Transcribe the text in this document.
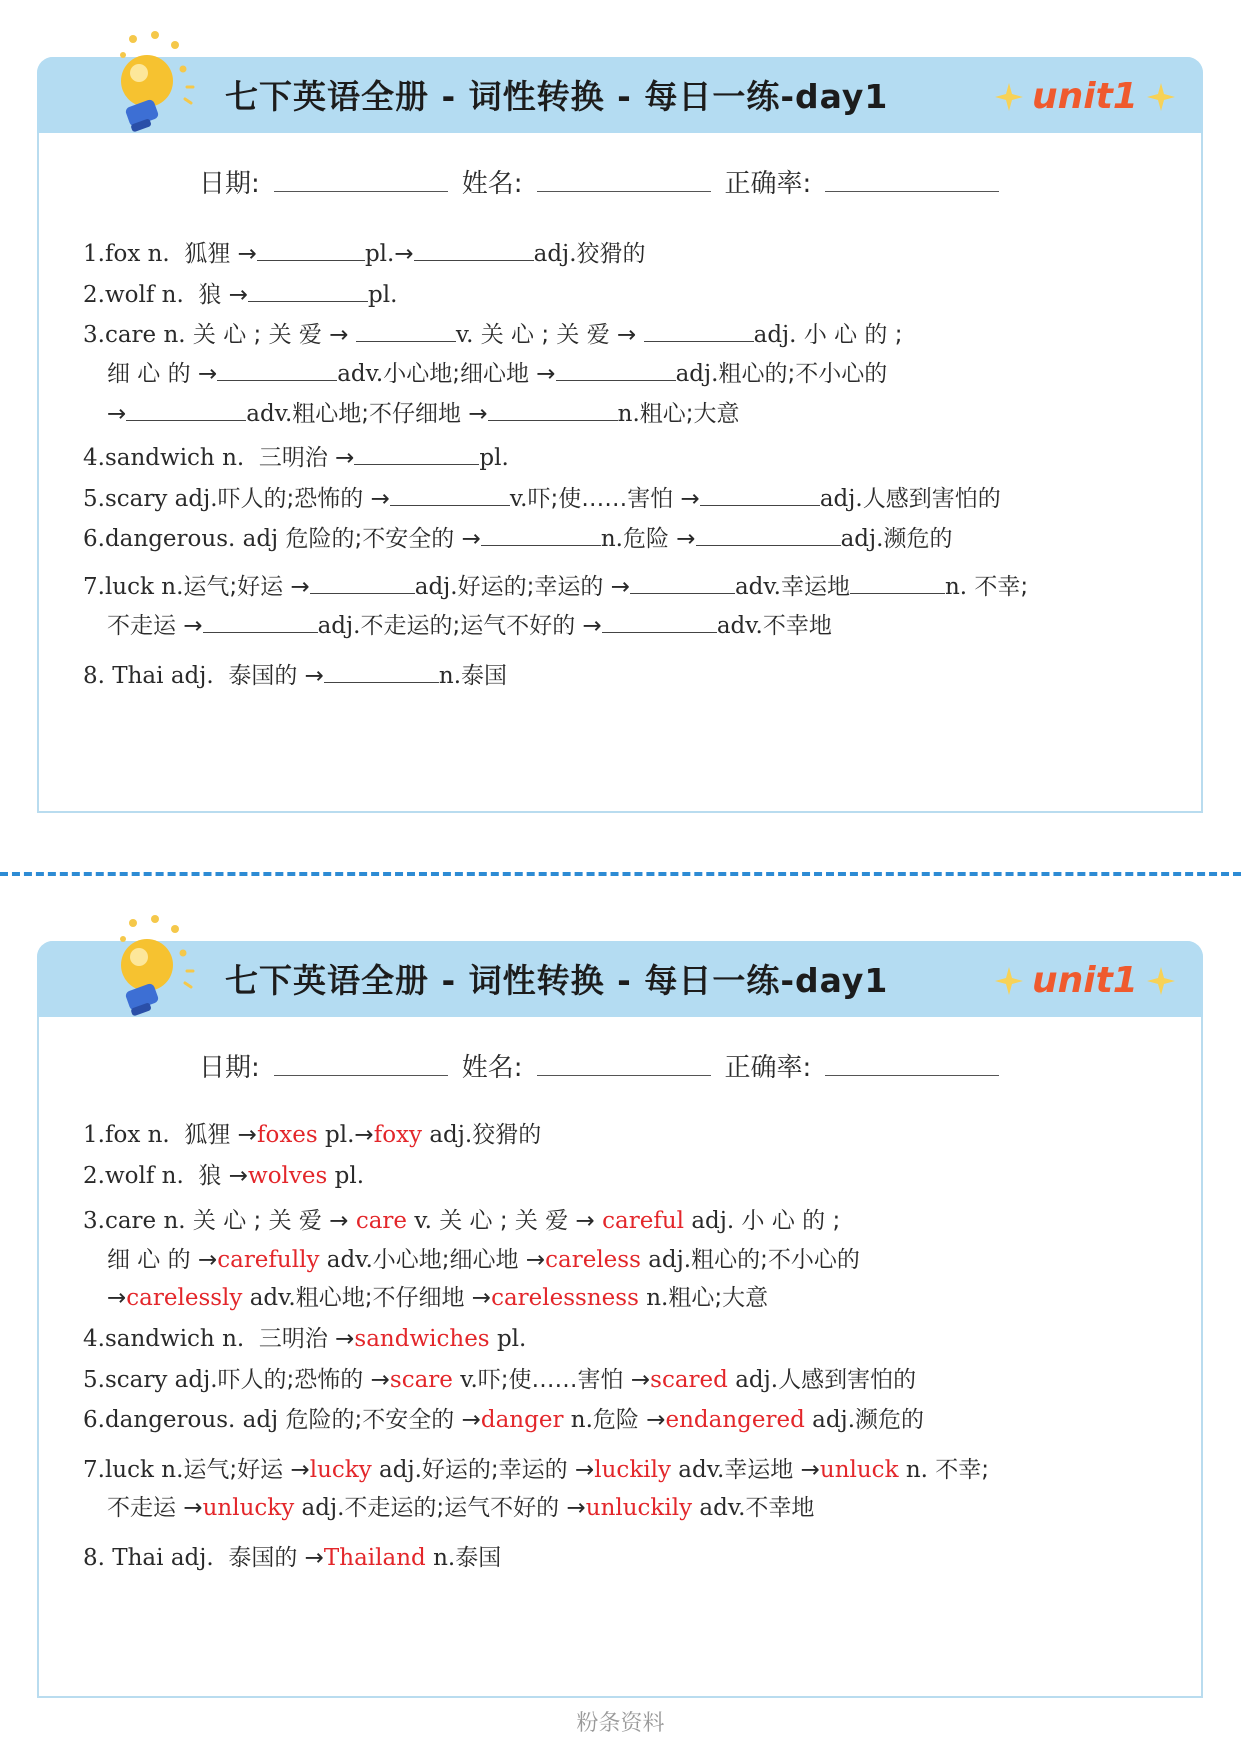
七下英语全册 - 词性转换 - 每日一练-day1	unit1
日期:	姓名:	正确率:
1.fox n. 狐狸 →	pl.→	adj.狡猾的
2.wolf n. 狼 →	pl.
3.care n. 关 心 ; 关 爱 →	v. 关 心 ; 关 爱 →	adj. 小 心 的 ;
细 心 的 →	adv.小心地;细心地 →	adj.粗心的;不小心的
→	adv.粗心地;不仔细地 →	n.粗心;大意
4.sandwich n. 三明治 →	pl.
5.scary adj.吓人的;恐怖的 →	v.吓;使……害怕 →	adj.人感到害怕的
6.dangerous. adj 危险的;不安全的 →	n.危险 →	adj.濒危的
7.luck n.运气;好运 →	adj.好运的;幸运的 →	adv.幸运地	n. 不幸;
不走运 →	adj.不走运的;运气不好的 →	adv.不幸地
8. Thai adj. 泰国的 →	n.泰国
七下英语全册 - 词性转换 - 每日一练-day1	unit1
日期:	姓名:	正确率:
1.fox n. 狐狸 →foxes pl.→foxy adj.狡猾的
2.wolf n. 狼 →wolves pl.
3.care n. 关 心 ; 关 爱 → care v. 关 心 ; 关 爱 → careful adj. 小 心 的 ;
细 心 的 →carefully adv.小心地;细心地 →careless adj.粗心的;不小心的
→carelessly adv.粗心地;不仔细地 →carelessness n.粗心;大意
4.sandwich n. 三明治 →sandwiches pl.
5.scary adj.吓人的;恐怖的 →scare v.吓;使……害怕 →scared adj.人感到害怕的
6.dangerous. adj 危险的;不安全的 →danger n.危险 →endangered adj.濒危的
7.luck n.运气;好运 →lucky adj.好运的;幸运的 →luckily adv.幸运地 →unluck n. 不幸;
不走运 →unlucky adj.不走运的;运气不好的 →unluckily adv.不幸地
8. Thai adj. 泰国的 →Thailand n.泰国
粉条资料
